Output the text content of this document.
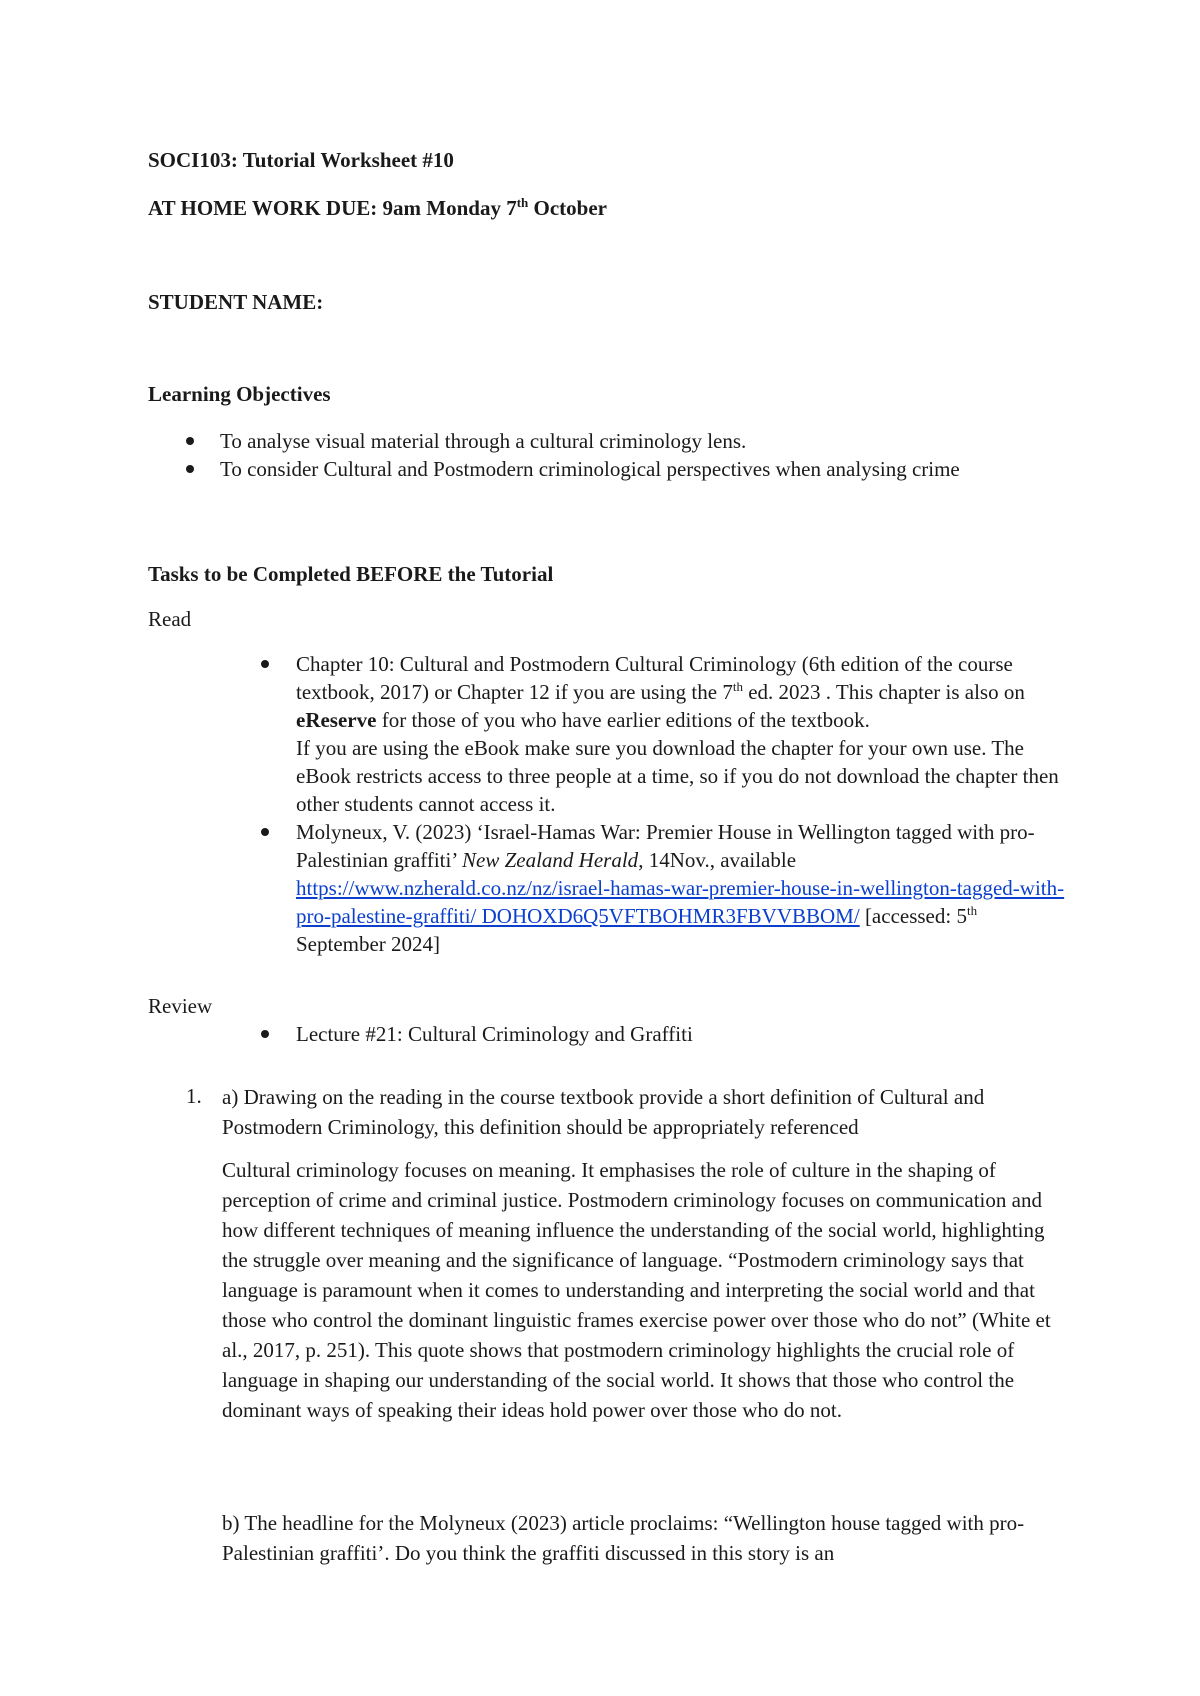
SOCI103: Tutorial Worksheet #10
AT HOME WORK DUE: 9am Monday 7th October
STUDENT NAME:
Learning Objectives
To analyse visual material through a cultural criminology lens.
To consider Cultural and Postmodern criminological perspectives when analysing crime
Tasks to be Completed BEFORE the Tutorial
Read

Chapter 10: Cultural and Postmodern Cultural Criminology (6th edition of the course textbook, 2017) or Chapter 12 if you are using the 7th ed. 2023 . This chapter is also on eReserve for those of you who have earlier editions of the textbook.

If you are using the eBook make sure you download the chapter for your own use. The eBook restricts access to three people at a time, so if you do not download the chapter then other students cannot access it.

Molyneux, V. (2023) ‘Israel-Hamas War: Premier House in Wellington tagged with pro-Palestinian graffiti’ New Zealand Herald, 14Nov., available https://www.nzherald.co.nz/nz/israel-hamas-war-premier-house-in-wellington-tagged-with-pro-palestine-graffiti/ DOHOXD6Q5VFTBOHMR3FBVVBBOM/ [accessed: 5th September 2024]

Review
Lecture #21: Cultural Criminology and Graffiti
1. a) Drawing on the reading in the course textbook provide a short definition of Cultural and Postmodern Criminology, this definition should be appropriately referenced
Cultural criminology focuses on meaning. It emphasises the role of culture in the shaping of perception of crime and criminal justice. Postmodern criminology focuses on communication and how different techniques of meaning influence the understanding of the social world, highlighting the struggle over meaning and the significance of language. “Postmodern criminology says that language is paramount when it comes to understanding and interpreting the social world and that those who control the dominant linguistic frames exercise power over those who do not” (White et al., 2017, p. 251). This quote shows that postmodern criminology highlights the crucial role of language in shaping our understanding of the social world. It shows that those who control the dominant ways of speaking their ideas hold power over those who do not.
b) The headline for the Molyneux (2023) article proclaims: “Wellington house tagged with pro-Palestinian graffiti’. Do you think the graffiti discussed in this story is an
